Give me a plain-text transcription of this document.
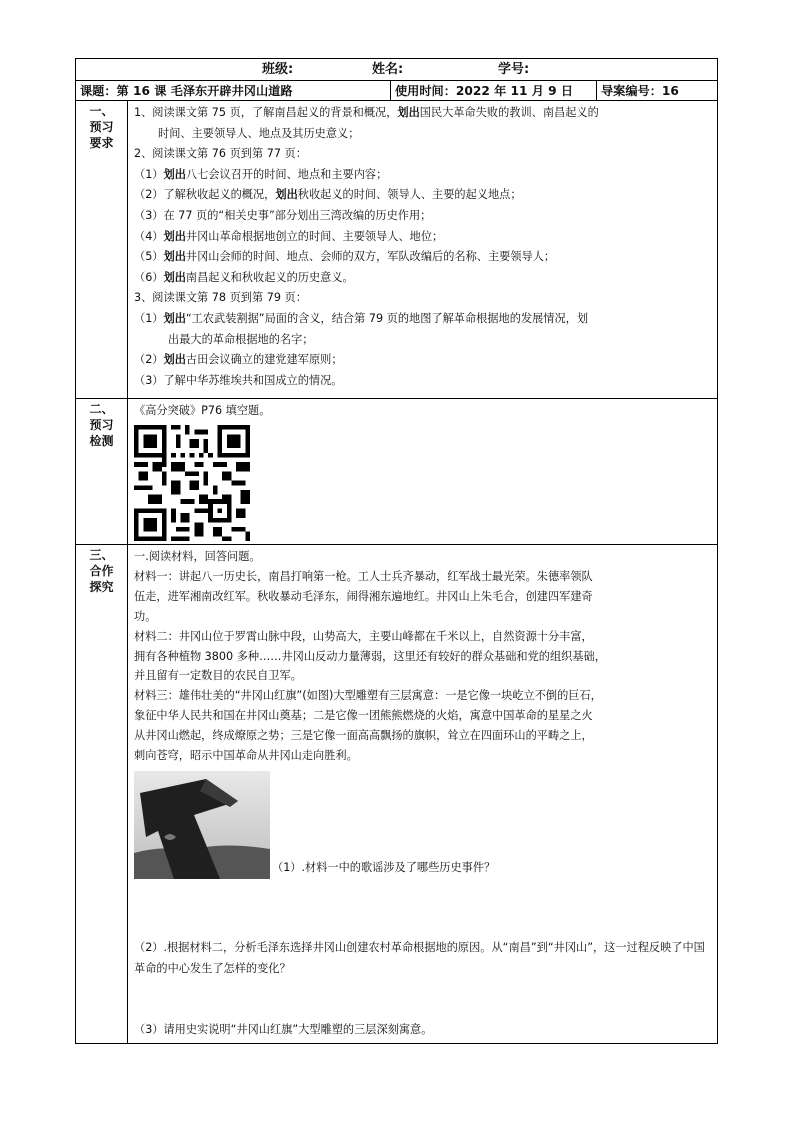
班级:	姓名:	学号:
课题：第 16 课 毛泽东开辟井冈山道路	使用时间：2022 年 11 月 9 日	导案编号：16
一、
预习
要求

1、阅读课文第 75 页，了解南昌起义的背景和概况，划出国民大革命失败的教训、南昌起义的

时间、主要领导人、地点及其历史意义；

2、阅读课文第 76 页到第 77 页：

（1）划出八七会议召开的时间、地点和主要内容；

（2）了解秋收起义的概况，划出秋收起义的时间、领导人、主要的起义地点；

（3）在 77 页的“相关史事”部分划出三湾改编的历史作用；

（4）划出井冈山革命根据地创立的时间、主要领导人、地位；

（5）划出井冈山会师的时间、地点、会师的双方，军队改编后的名称、主要领导人；

（6）划出南昌起义和秋收起义的历史意义。

3、阅读课文第 78 页到第 79 页：

（1）划出“工农武装割据”局面的含义，结合第 79 页的地图了解革命根据地的发展情况，划

出最大的革命根据地的名字；

（2）划出古田会议确立的建党建军原则；

（3）了解中华苏维埃共和国成立的情况。

二、
预习
检测

《高分突破》P76 填空题。

三、
合作
探究

一.阅读材料，回答问题。

材料一：讲起八一历史长，南昌打响第一枪。工人士兵齐暴动，红军战士最光荣。朱德率领队

伍走，进军湘南改红军。秋收暴动毛泽东，闹得湘东遍地红。井冈山上朱毛合，创建四军建奇

功。

材料二：井冈山位于罗霄山脉中段，山势高大，主要山峰都在千米以上，自然资源十分丰富，

拥有各种植物 3800 多种……井冈山反动力量薄弱，这里还有较好的群众基础和党的组织基础，

并且留有一定数目的农民自卫军。

材料三：雄伟壮美的“井冈山红旗”(如图)大型雕塑有三层寓意：一是它像一块屹立不倒的巨石，

象征中华人民共和国在井冈山奠基；二是它像一团熊熊燃烧的火焰，寓意中国革命的星星之火

从井冈山燃起，终成燎原之势；三是它像一面高高飘扬的旗帜，耸立在四面环山的平畴之上，

刺向苍穹，昭示中国革命从井冈山走向胜利。

（1）.材料一中的歌谣涉及了哪些历史事件？
（2）.根据材料二，分析毛泽东选择井冈山创建农村革命根据地的原因。从“南昌”到“井冈山”，这一过程反映了中国革命的中心发生了怎样的变化？
（3）请用史实说明“井冈山红旗”大型雕塑的三层深刻寓意。
